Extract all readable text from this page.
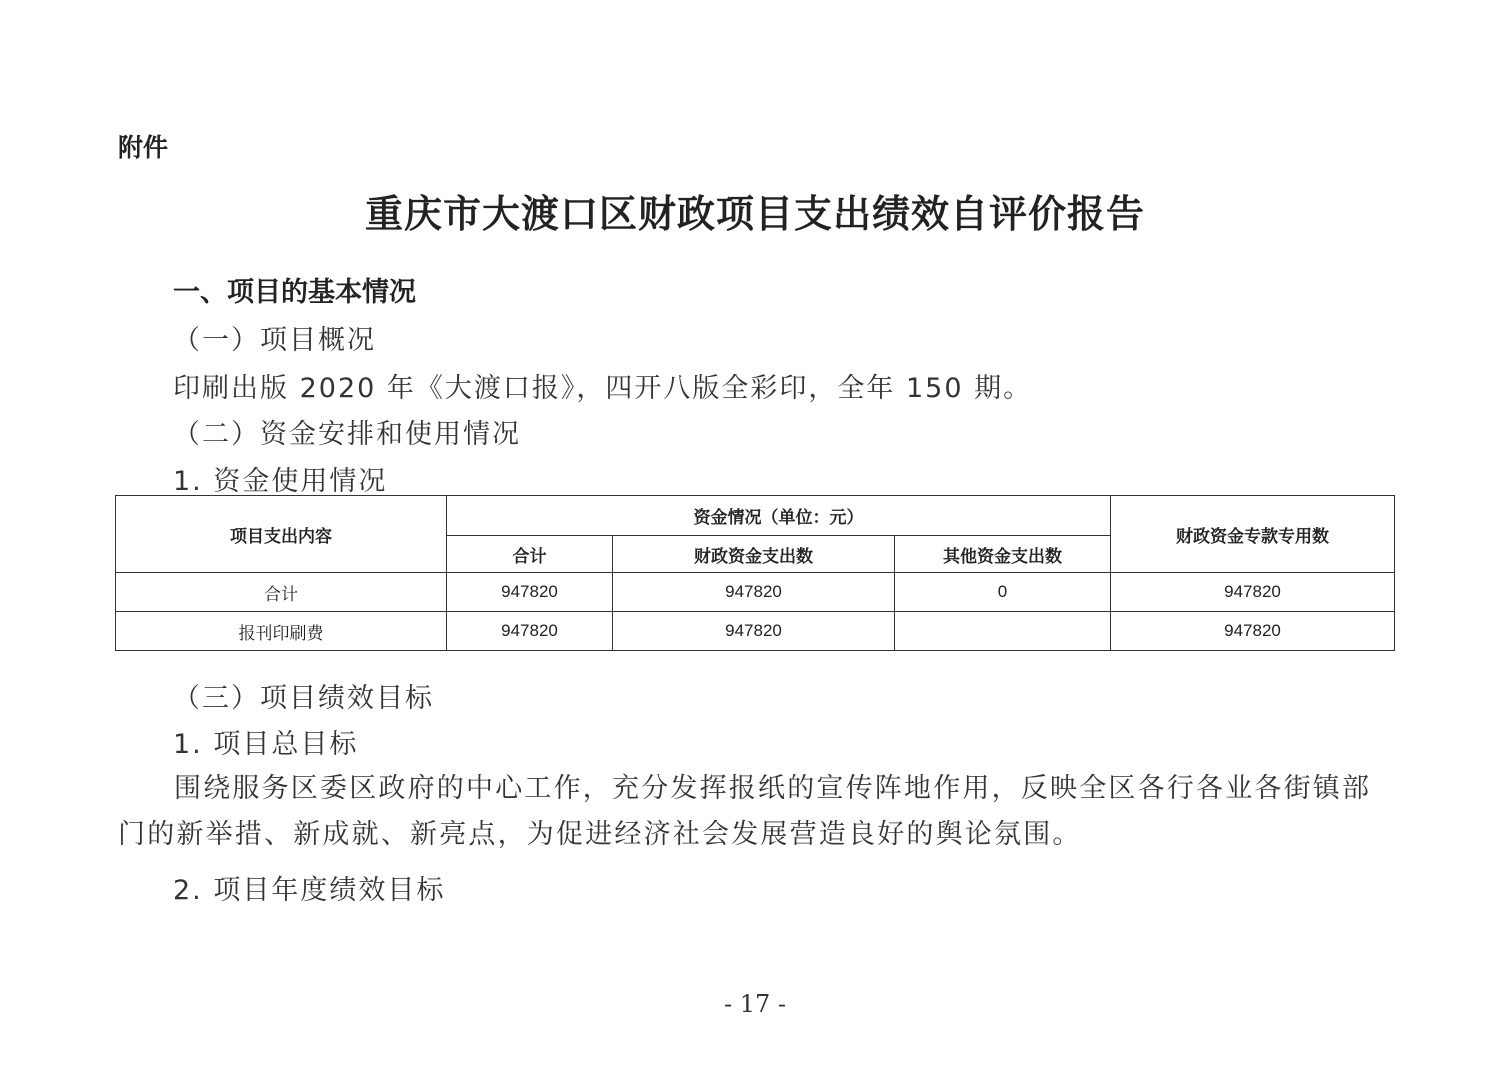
附件
重庆市大渡口区财政项目支出绩效自评价报告
一、项目的基本情况
（一）项目概况
印刷出版 2020 年《大渡口报》，四开八版全彩印，全年 150 期。
（二）资金安排和使用情况
1. 资金使用情况
项目支出内容	资金情况（单位：元）			财政资金专款专用数
	合计	财政资金支出数	其他资金支出数	
合计	947820	947820	0	947820
报刊印刷费	947820	947820		947820
（三）项目绩效目标
1. 项目总目标
围绕服务区委区政府的中心工作，充分发挥报纸的宣传阵地作用，反映全区各行各业各街镇部门的新举措、新成就、新亮点，为促进经济社会发展营造良好的舆论氛围。
2. 项目年度绩效目标
- 17 -
